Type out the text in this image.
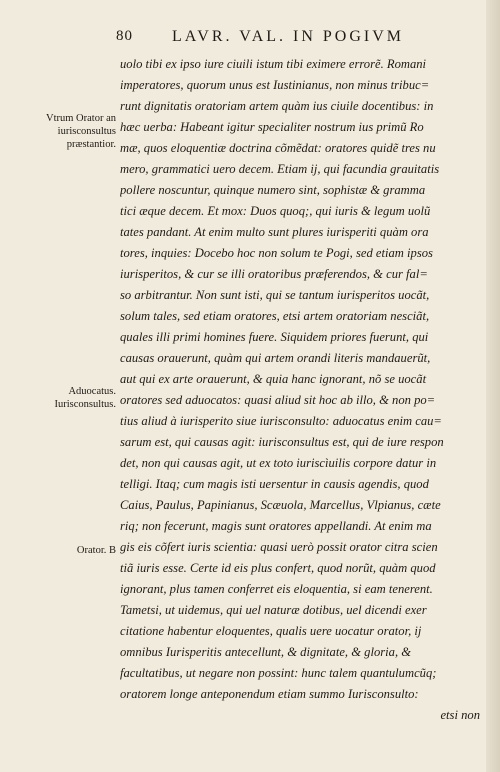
80 LAVR. VAL. IN POGIVM
Vtrum Orator an iurisconsultus præstantior.
Aduocatus. Iurisconsultus.
Orator. B
uolo tibi ex ipso iure ciuili istum tibi eximere errorẽ. Romani
imperatores, quorum unus est Iustinianus, non minus tribuc=
runt dignitatis oratoriam artem quàm ius ciuile docentibus: in
hæc uerba: Habeant igitur specialiter nostrum ius primũ Ro
mæ, quos eloquentiæ doctrina cõmẽdat: oratores quidẽ tres nu
mero, grammatici uero decem. Etiam ij, qui facundia grauitatis
pollere noscuntur, quinque numero sint, sophistæ & gramma
tici æque decem. Et mox: Duos quoq;, qui iuris & legum uolũ
tates pandant. At enim multo sunt plures iurisperiti quàm ora
tores, inquies: Docebo hoc non solum te Pogi, sed etiam ipsos
iurisperitos, & cur se illi oratoribus præferendos, & cur fal=
so arbitrantur. Non sunt isti, qui se tantum iurisperitos uocãt,
solum tales, sed etiam oratores, etsi artem oratoriam nesciãt,
quales illi primi homines fuere. Siquidem priores fuerunt, qui
causas orauerunt, quàm qui artem orandi literis mandauerũt,
aut qui ex arte orauerunt, & quia hanc ignorant, nõ se uocãt
oratores sed aduocatos: quasi aliud sit hoc ab illo, & non po=
tius aliud à iurisperito siue iurisconsulto: aduocatus enim cau=
sarum est, qui causas agit: iurisconsultus est, qui de iure respon
det, non qui causas agit, ut ex toto iuriscìuilis corpore datur in
telligi. Itaq; cum magis isti uersentur in causis agendis, quod
Caius, Paulus, Papinianus, Scæuola, Marcellus, Vlpianus, cæte
riq; non fecerunt, magis sunt oratores appellandi. At enim ma
gis eis cõfert iuris scientia: quasi uerò possit orator citra scien
tiã iuris esse. Certe id eis plus confert, quod norũt, quàm quod
ignorant, plus tamen conferret eis eloquentia, si eam tenerent.
Tametsi, ut uidemus, qui uel naturæ dotibus, uel dicendi exer
citatione habentur eloquentes, qualis uere uocatur orator, ij
omnibus Iurisperitis antecellunt, & dignitate, & gloria, &
facultatibus, ut negare non possint: hunc talem quantulumcũq;
oratorem longe anteponendum etiam summo Iurisconsulto:
etsi non
